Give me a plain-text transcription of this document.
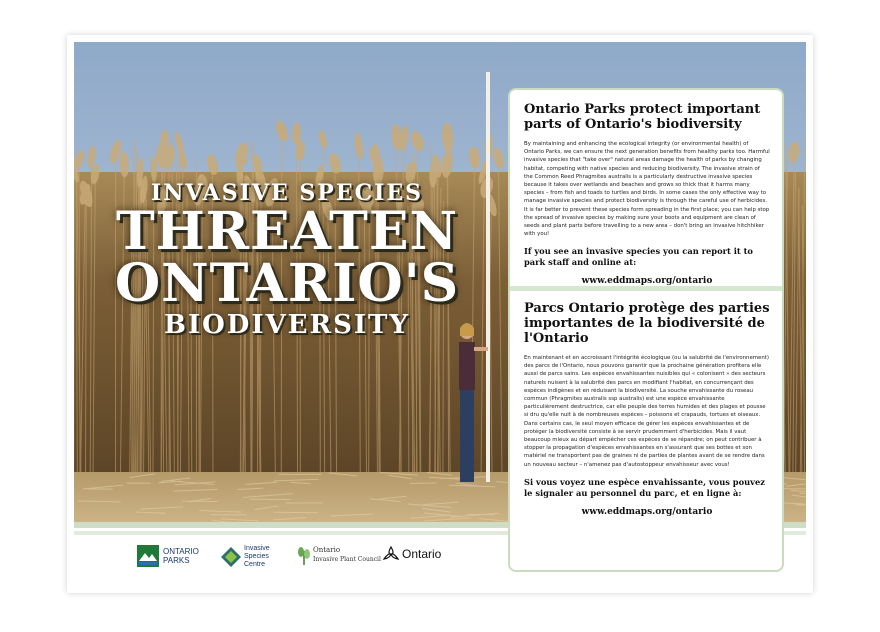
INVASIVE SPECIES
THREATEN
ONTARIO'S
BIODIVERSITY
Ontario Parks protect important parts of Ontario's biodiversity

By maintaining and enhancing the ecological integrity (or environmental health) of Ontario Parks, we can ensure the next generation benefits from healthy parks too. Harmful invasive species that "take over" natural areas damage the health of parks by changing habitat, competing with native species and reducing biodiversity. The invasive strain of the Common Reed Phragmites australis is a particularly destructive invasive species because it takes over wetlands and beaches and grows so thick that it harms many species – from fish and toads to turtles and birds. In some cases the only effective way to manage invasive species and protect biodiversity is through the careful use of herbicides. It is far better to prevent these species form spreading in the first place; you can help stop the spread of invasive species by making sure your boots and equipment are clean of seeds and plant parts before travelling to a new area – don't bring an invasive hitchhiker with you!

If you see an invasive species you can report it to park staff and online at:
www.eddmaps.org/ontario
Parcs Ontario protège des parties importantes de la biodiversité de l'Ontario

En maintenant et en accroissant l'intégrité écologique (ou la salubrité de l'environnement) des parcs de l'Ontario, nous pouvons garantir que la prochaine génération profitera elle aussi de parcs sains. Les espèces envahissantes nuisibles qui « colonisent » des secteurs naturels nuisent à la salubrité des parcs en modifiant l'habitat, en concurrençant des espèces indigènes et en réduisant la biodiversité. La souche envahissante du roseau commun (Phragmites australis ssp australis) est une espèce envahissante particulièrement destructrice, car elle peuple des terres humides et des plages et pousse si dru qu'elle nuit à de nombreuses espèces – poissons et crapauds, tortues et oiseaux. Dans certains cas, le seul moyen efficace de gérer les espèces envahissantes et de protéger la biodiversité consiste à se servir prudemment d'herbicides. Mais il vaut beaucoup mieux au départ empêcher ces espèces de se répandre; on peut contribuer à stopper la propagation d'espèces envahissantes en s'assurant que ses bottes et son matériel ne transportent pas de graines ni de parties de plantes avant de se rendre dans un nouveau secteur – n'amenez pas d'autostoppeur envahisseur avec vous!

Si vous voyez une espèce envahissante, vous pouvez le signaler au personnel du parc, et en ligne à:
www.eddmaps.org/ontario
ONTARIO
PARKS
Invasive
Species
Centre
Ontario
Invasive Plant Council Ontario
